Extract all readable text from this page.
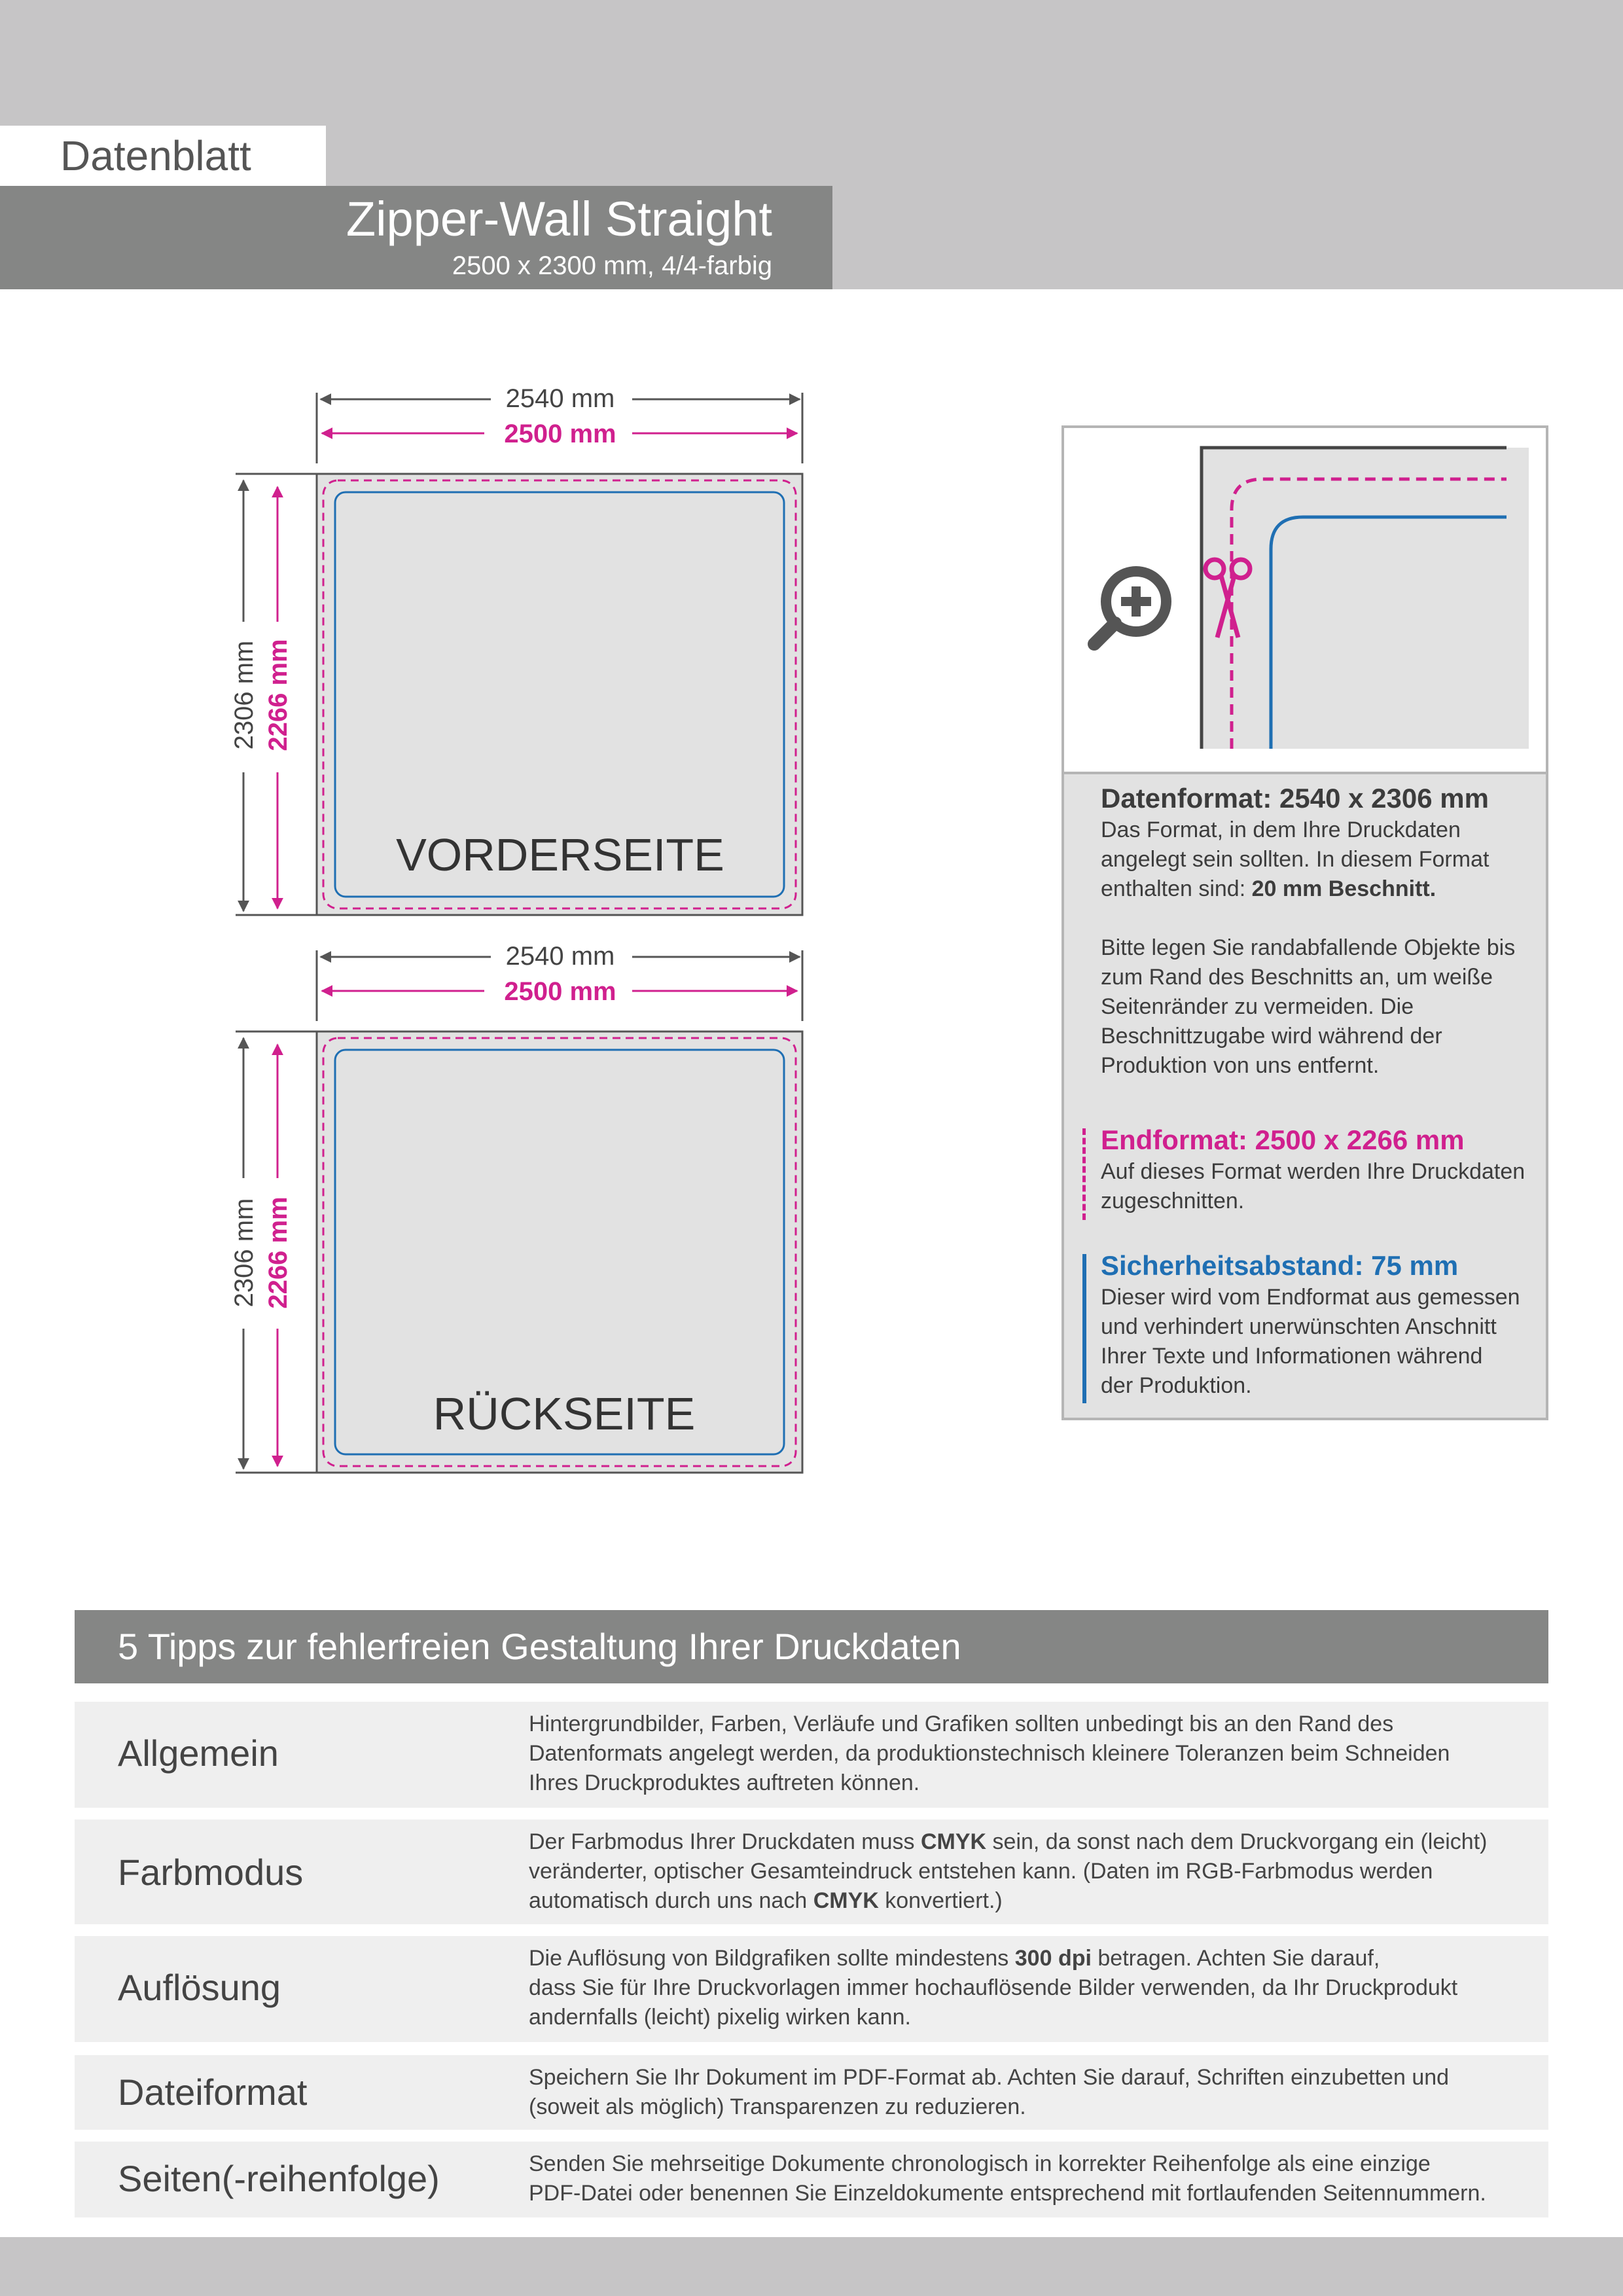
Datenblatt
Zipper-Wall Straight
2500 x 2300 mm, 4/4-farbig
2540 mm
2500 mm
2306 mm 2266 mm
VORDERSEITE
2540 mm
2500 mm
2306 mm 2266 mm
RÜCKSEITE

Datenformat: 2540 x 2306 mm

Das Format, in dem Ihre Druckdaten

angelegt sein sollten. In diesem Format

enthalten sind: 20 mm Beschnitt.

Bitte legen Sie randabfallende Objekte bis

zum Rand des Beschnitts an, um weiße

Seitenränder zu vermeiden. Die

Beschnittzugabe wird während der

Produktion von uns entfernt.

Endformat: 2500 x 2266 mm

Auf dieses Format werden Ihre Druckdaten

zugeschnitten.

Sicherheitsabstand: 75 mm

Dieser wird vom Endformat aus gemessen

und verhindert unerwünschten Anschnitt

Ihrer Texte und Informationen während

der Produktion.

5 Tipps zur fehlerfreien Gestaltung Ihrer Druckdaten
Allgemein
Hintergrundbilder, Farben, Verläufe und Grafiken sollten unbedingt bis an den Rand des
Datenformats angelegt werden, da produktionstechnisch kleinere Toleranzen beim Schneiden
Ihres Druckproduktes auftreten können.
Farbmodus
Der Farbmodus Ihrer Druckdaten muss CMYK sein, da sonst nach dem Druckvorgang ein (leicht)
veränderter, optischer Gesamteindruck entstehen kann. (Daten im RGB-Farbmodus werden
automatisch durch uns nach CMYK konvertiert.)
Auflösung
Die Auflösung von Bildgrafiken sollte mindestens 300 dpi betragen. Achten Sie darauf,
dass Sie für Ihre Druckvorlagen immer hochauflösende Bilder verwenden, da Ihr Druckprodukt
andernfalls (leicht) pixelig wirken kann.
Dateiformat	Speichern Sie Ihr Dokument im PDF-Format ab. Achten Sie darauf, Schriften einzubetten und
(soweit als möglich) Transparenzen zu reduzieren.
Seiten(-reihenfolge)	Senden Sie mehrseitige Dokumente chronologisch in korrekter Reihenfolge als eine einzige
PDF-Datei oder benennen Sie Einzeldokumente entsprechend mit fortlaufenden Seitennummern.
